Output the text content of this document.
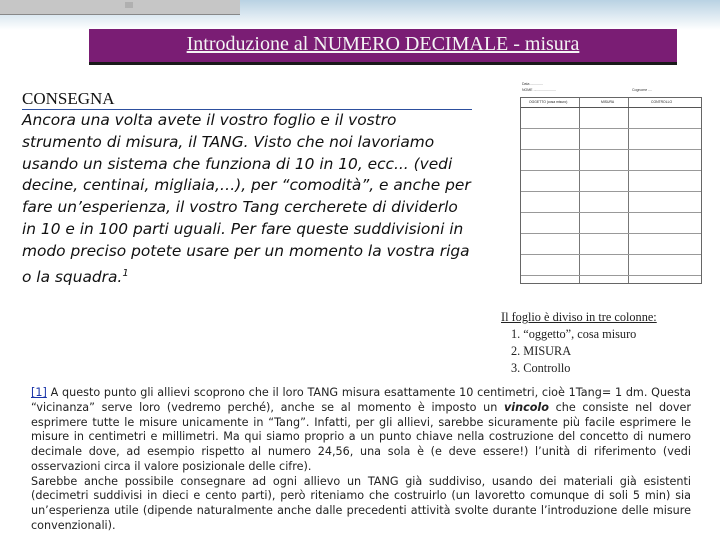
Introduzione al NUMERO DECIMALE - misura
CONSEGNA
Ancora una volta avete il vostro foglio e il vostro strumento di misura, il TANG. Visto che noi lavoriamo usando un sistema che funziona di 10 in 10, ecc... (vedi decine, centinai, migliaia,…), per “comodità”, e anche per fare un’esperienza, il vostro Tang cercherete di dividerlo in 10 e in 100 parti uguali. Per fare queste suddivisioni in modo preciso potete usare per un momento la vostra riga o la squadra.$^1$
Data .............
NOME .......................	Cognome ....
OGGETTO (cosa misuro)	MISURA	CONTROLLO
Il foglio è diviso in tre colonne:
1. “oggetto”, cosa misuro
2. MISURA
3. Controllo
[1] A questo punto gli allievi scoprono che il loro TANG misura esattamente 10 centimetri, cioè 1Tang= 1 dm. Questa “vicinanza” serve loro (vedremo perché), anche se al momento è imposto un vincolo che consiste nel dover esprimere tutte le misure unicamente in “Tang”. Infatti, per gli allievi, sarebbe sicuramente più facile esprimere le misure in centimetri e millimetri. Ma qui siamo proprio a un punto chiave nella costruzione del concetto di numero decimale dove, ad esempio rispetto al numero 24,56, una sola è (e deve essere!) l’unità di riferimento (vedi osservazioni circa il valore posizionale delle cifre).
Sarebbe anche possibile consegnare ad ogni allievo un TANG già suddiviso, usando dei materiali già esistenti (decimetri suddivisi in dieci e cento parti), però riteniamo che costruirlo (un lavoretto comunque di soli 5 min) sia un’esperienza utile (dipende naturalmente anche dalle precedenti attività svolte durante l’introduzione delle misure convenzionali).
